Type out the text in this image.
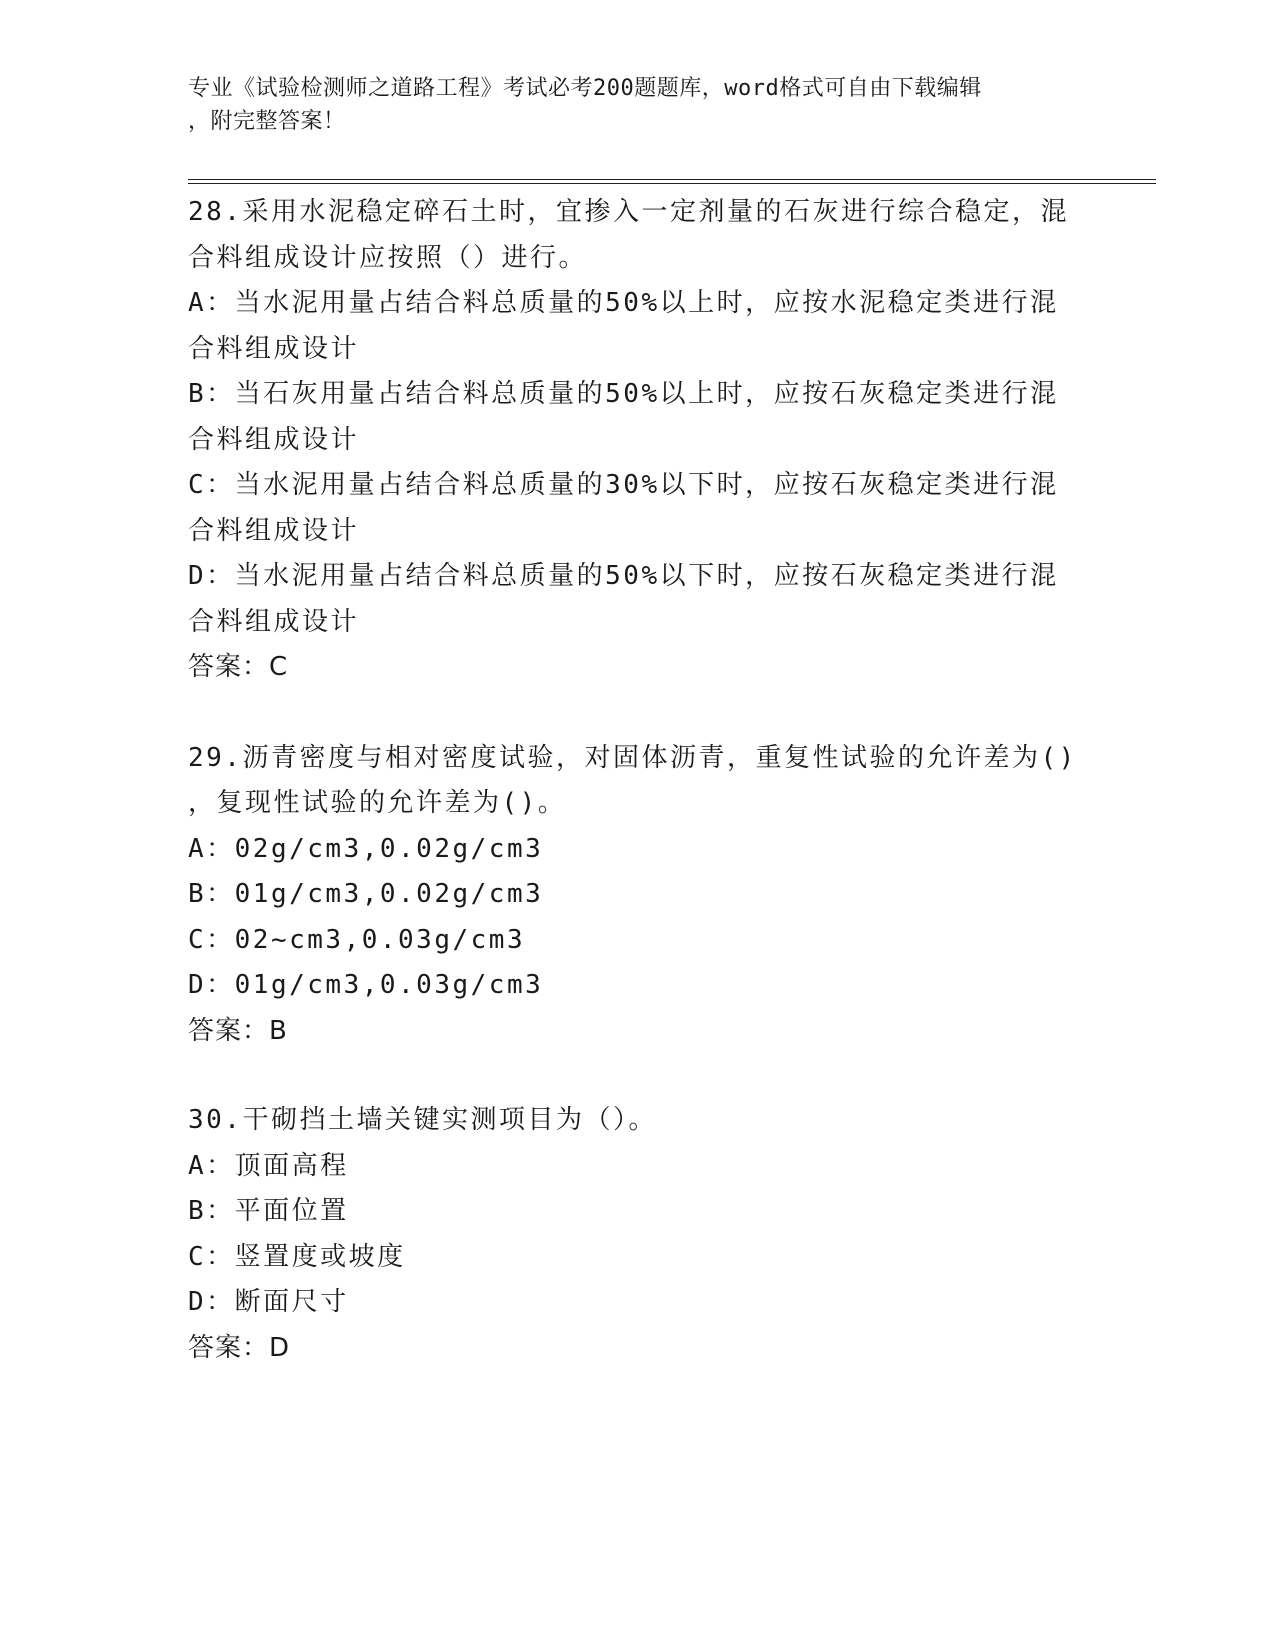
专业《试验检测师之道路工程》考试必考200题题库，word格式可自由下载编辑
，附完整答案！
28.采用水泥稳定碎石土时，宜掺入一定剂量的石灰进行综合稳定，混
合料组成设计应按照（）进行。
A：当水泥用量占结合料总质量的50%以上时，应按水泥稳定类进行混
合料组成设计
B：当石灰用量占结合料总质量的50%以上时，应按石灰稳定类进行混
合料组成设计
C：当水泥用量占结合料总质量的30%以下时，应按石灰稳定类进行混
合料组成设计
D：当水泥用量占结合料总质量的50%以下时，应按石灰稳定类进行混
合料组成设计
答案：C
29.沥青密度与相对密度试验，对固体沥青，重复性试验的允许差为()
，复现性试验的允许差为()。
A：02g/cm3,0.02g/cm3
B：01g/cm3,0.02g/cm3
C：02~cm3,0.03g/cm3
D：01g/cm3,0.03g/cm3
答案：B
30.干砌挡土墙关键实测项目为（）。
A：顶面高程
B：平面位置
C：竖置度或坡度
D：断面尺寸
答案：D
